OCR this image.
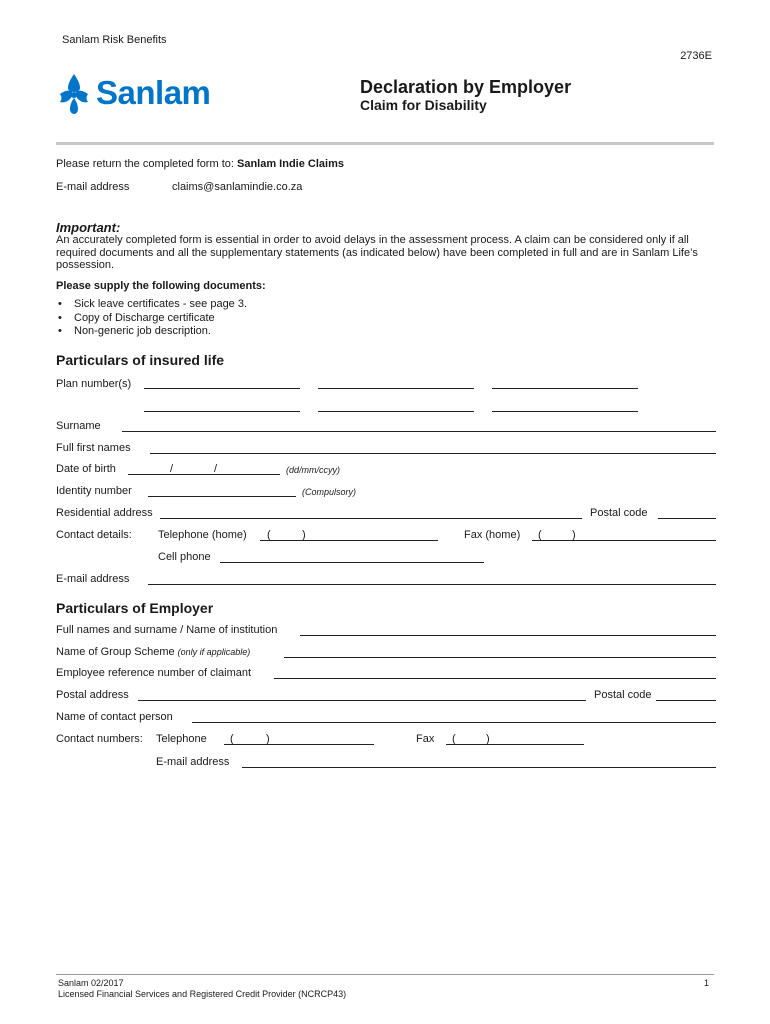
Sanlam Risk Benefits
2736E
Sanlam	Declaration by Employer
Claim for Disability
Please return the completed form to: Sanlam Indie Claims
E-mail address	claims@sanlamindie.co.za
Important:
An accurately completed form is essential in order to avoid delays in the assessment process. A claim can be considered only if all required documents and all the supplementary statements (as indicated below) have been completed in full and are in Sanlam Life’s possession.
Please supply the following documents:
• Sick leave certificates - see page 3.
• Copy of Discharge certificate
• Non-generic job description.
Particulars of insured life
Plan number(s)
Surname
Full first names
Date of birth	/	/	(dd/mm/ccyy)
Identity number	(Compulsory)
Residential address	Postal code
Contact details: Telephone (home) (	)	Fax (home) (	)
Cell phone
E-mail address
Particulars of Employer
Full names and surname / Name of institution
Name of Group Scheme (only if applicable)
Employee reference number of claimant
Postal address	Postal code
Name of contact person
Contact numbers: Telephone (	)	Fax (	)
E-mail address
Sanlam 02/2017
Licensed Financial Services and Registered Credit Provider (NCRCP43)
1
